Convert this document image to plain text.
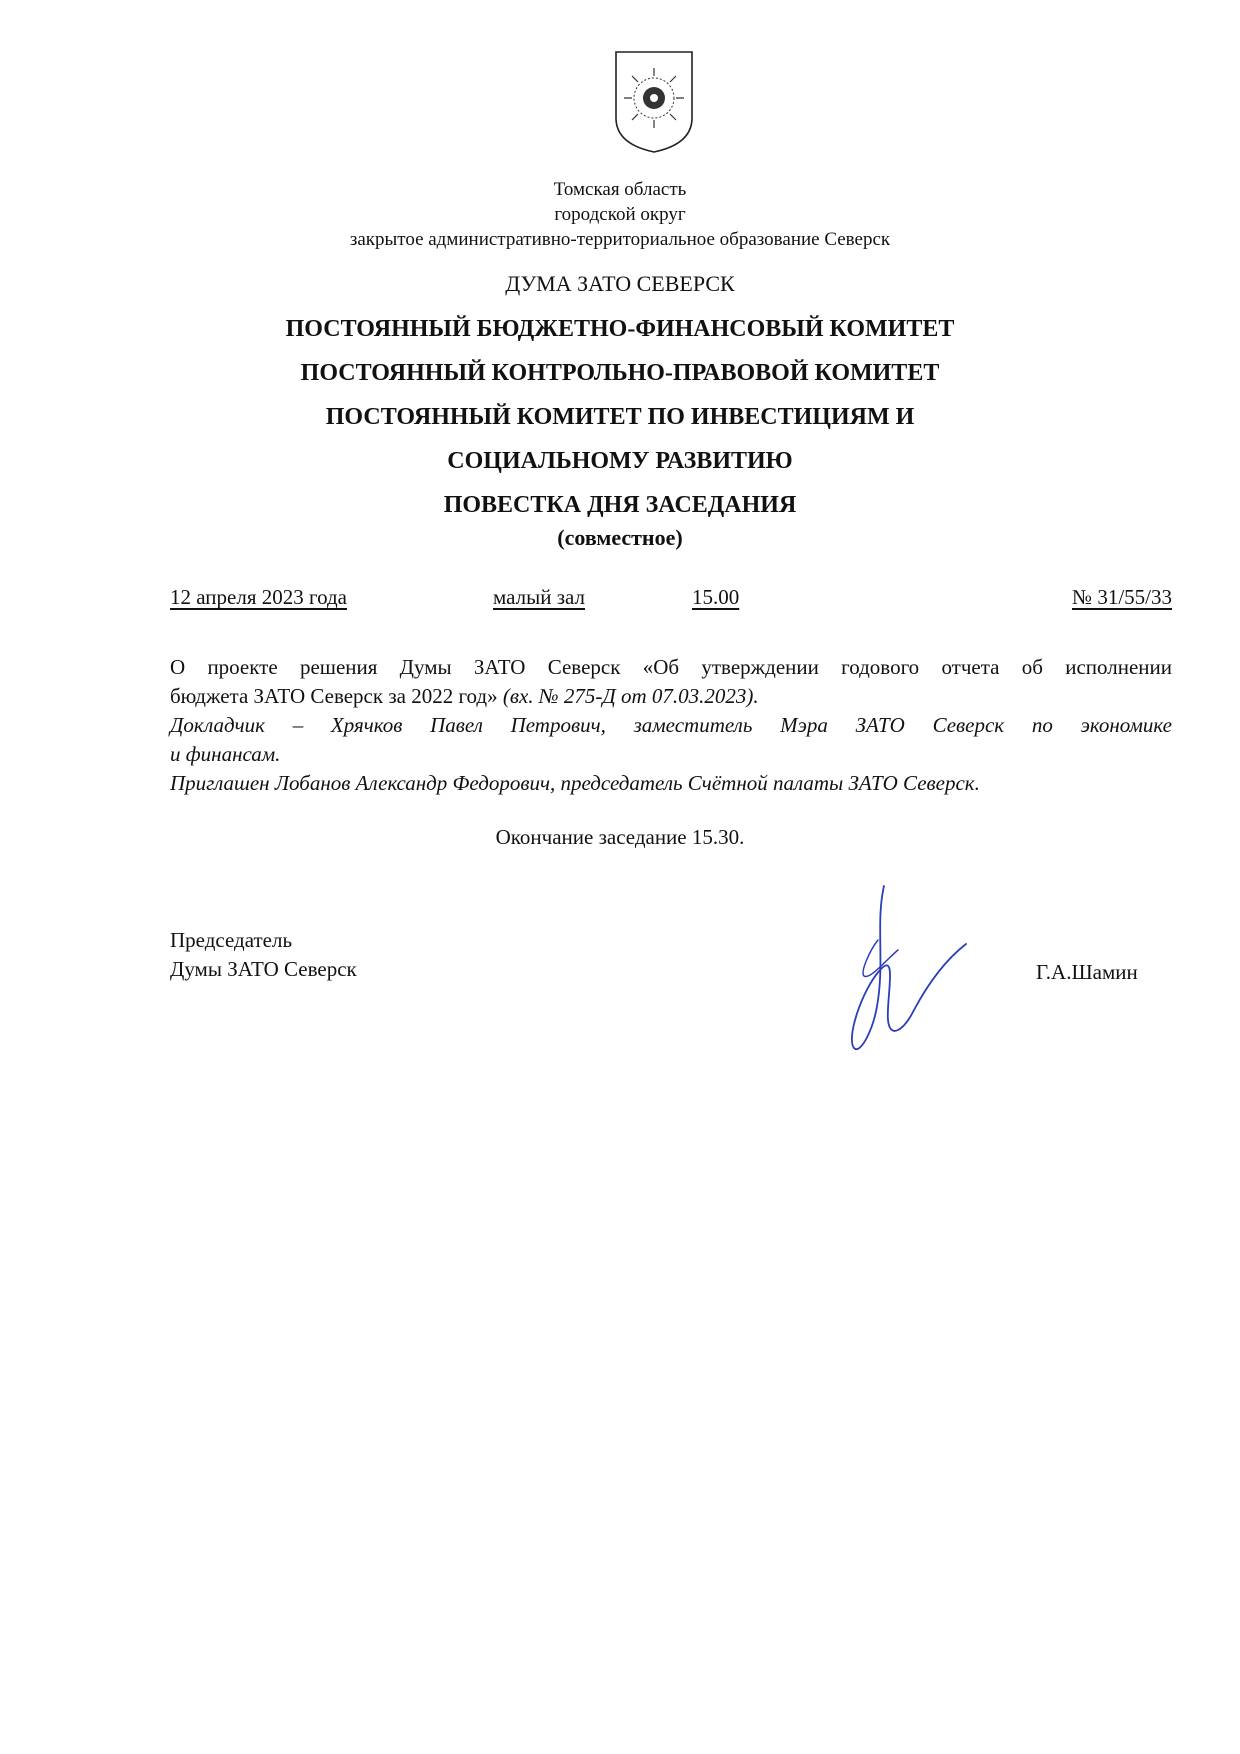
Томская область
городской округ
закрытое административно-территориальное образование Северск
ДУМА ЗАТО СЕВЕРСК
ПОСТОЯННЫЙ БЮДЖЕТНО-ФИНАНСОВЫЙ КОМИТЕТ
ПОСТОЯННЫЙ КОНТРОЛЬНО-ПРАВОВОЙ КОМИТЕТ
ПОСТОЯННЫЙ КОМИТЕТ ПО ИНВЕСТИЦИЯМ И
СОЦИАЛЬНОМУ РАЗВИТИЮ
ПОВЕСТКА ДНЯ ЗАСЕДАНИЯ
(совместное)
12 апреля 2023 года	малый зал	15.00	№ 31/55/33
О проекте решения Думы ЗАТО Северск «Об утверждении годового отчета об исполнении
бюджета ЗАТО Северск за 2022 год» (вх. № 275-Д от 07.03.2023).
Докладчик – Хрячков Павел Петрович, заместитель Мэра ЗАТО Северск по экономике
и финансам.
Приглашен Лобанов Александр Федорович, председатель Счётной палаты ЗАТО Северск.
Окончание заседание 15.30.
Председатель
Думы ЗАТО Северск	Г.А.Шамин
